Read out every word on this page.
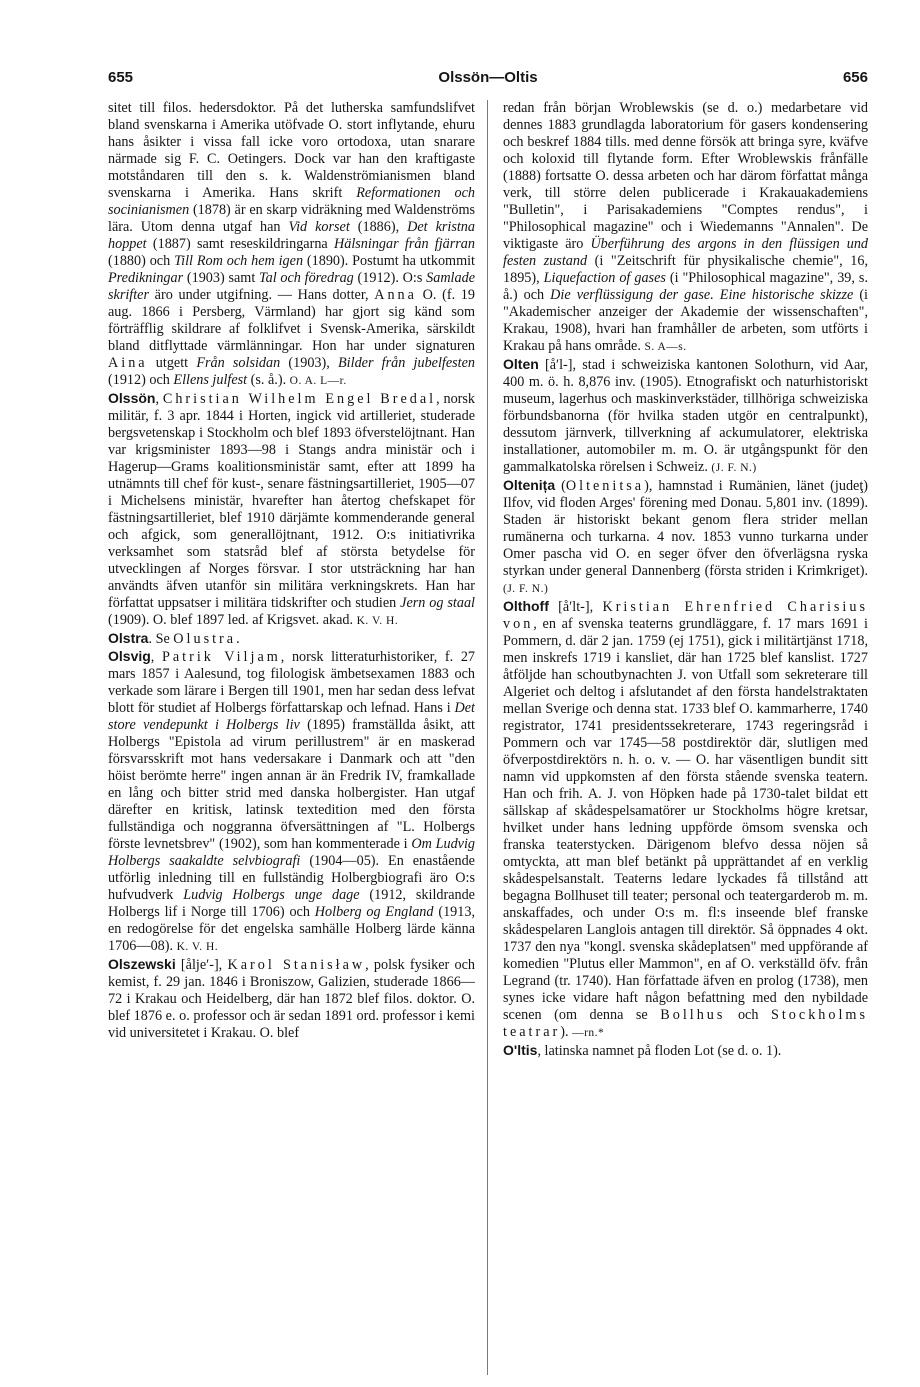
655	Olssön—Oltis	656

sitet till filos. hedersdoktor. På det lutherska samfundslifvet bland svenskarna i Amerika utöfvade O. stort inflytande, ehuru hans åsikter i vissa fall icke voro ortodoxa, utan snarare närmade sig F. C. Oetingers. Dock var han den kraftigaste motståndaren till den s. k. Waldenströmianismen bland svenskarna i Amerika. Hans skrift Reformationen och socinianismen (1878) är en skarp vidräkning med Waldenströms lära. Utom denna utgaf han Vid korset (1886), Det kristna hoppet (1887) samt reseskildringarna Hälsningar från fjärran (1880) och Till Rom och hem igen (1890). Postumt ha utkommit Predikningar (1903) samt Tal och föredrag (1912). O:s Samlade skrifter äro under utgifning. — Hans dotter, Anna O. (f. 19 aug. 1866 i Persberg, Värmland) har gjort sig känd som förträfflig skildrare af folklifvet i Svensk-Amerika, särskildt bland ditflyttade värmlänningar. Hon har under signaturen Aina utgett Från solsidan (1903), Bilder från jubelfesten (1912) och Ellens julfest (s. å.). O. A. L—r.

Olssön, Christian Wilhelm Engel Bredal, norsk militär, f. 3 apr. 1844 i Horten, ingick vid artilleriet, studerade bergsvetenskap i Stockholm och blef 1893 öfverstelöjtnant. Han var krigsminister 1893—98 i Stangs andra ministär och i Hagerup—Grams koalitionsministär samt, efter att 1899 ha utnämnts till chef för kust-, senare fästningsartilleriet, 1905—07 i Michelsens ministär, hvarefter han återtog chefskapet för fästningsartilleriet, blef 1910 därjämte kommenderande general och afgick, som generallöjtnant, 1912. O:s initiativrika verksamhet som statsråd blef af största betydelse för utvecklingen af Norges försvar. I stor utsträckning har han användts äfven utanför sin militära verkningskrets. Han har författat uppsatser i militära tidskrifter och studien Jern og staal (1909). O. blef 1897 led. af Krigsvet. akad. K. V. H.

Olstra. Se Olustra.

Olsvig, Patrik Viljam, norsk litteraturhistoriker, f. 27 mars 1857 i Aalesund, tog filologisk ämbetsexamen 1883 och verkade som lärare i Bergen till 1901, men har sedan dess lefvat blott för studiet af Holbergs författarskap och lefnad. Hans i Det store vendepunkt i Holbergs liv (1895) framställda åsikt, att Holbergs "Epistola ad virum perillustrem" är en maskerad försvarsskrift mot hans vedersakare i Danmark och att "den höist berömte herre" ingen annan är än Fredrik IV, framkallade en lång och bitter strid med danska holbergister. Han utgaf därefter en kritisk, latinsk textedition med den första fullständiga och noggranna öfversättningen af "L. Holbergs förste levnetsbrev" (1902), som han kommenterade i Om Ludvig Holbergs saakaldte selvbiografi (1904—05). En enastående utförlig inledning till en fullständig Holbergbiografi äro O:s hufvudverk Ludvig Holbergs unge dage (1912, skildrande Holbergs lif i Norge till 1706) och Holberg og England (1913, en redogörelse för det engelska samhälle Holberg lärde känna 1706—08). K. V. H.

Olszewski [åljeʹ-], Karol Stanisław, polsk fysiker och kemist, f. 29 jan. 1846 i Broniszow, Galizien, studerade 1866—72 i Krakau och Heidelberg, där han 1872 blef filos. doktor. O. blef 1876 e. o. professor och är sedan 1891 ord. professor i kemi vid universitetet i Krakau. O. blef

redan från början Wroblewskis (se d. o.) medarbetare vid dennes 1883 grundlagda laboratorium för gasers kondensering och beskref 1884 tills. med denne försök att bringa syre, kväfve och koloxid till flytande form. Efter Wroblewskis frånfälle (1888) fortsatte O. dessa arbeten och har därom författat många verk, till större delen publicerade i Krakauakademiens "Bulletin", i Parisakademiens "Comptes rendus", i "Philosophical magazine" och i Wiedemanns "Annalen". De viktigaste äro Überführung des argons in den flüssigen und festen zustand (i "Zeitschrift für physikalische chemie", 16, 1895), Liquefaction of gases (i "Philosophical magazine", 39, s. å.) och Die verflüssigung der gase. Eine historische skizze (i "Akademischer anzeiger der Akademie der wissenschaften", Krakau, 1908), hvari han framhåller de arbeten, som utförts i Krakau på hans område. S. A—s.

Olten [åʹl-], stad i schweiziska kantonen Solothurn, vid Aar, 400 m. ö. h. 8,876 inv. (1905). Etnografiskt och naturhistoriskt museum, lagerhus och maskinverkstäder, tillhöriga schweiziska förbundsbanorna (för hvilka staden utgör en centralpunkt), dessutom järnverk, tillverkning af ackumulatorer, elektriska installationer, automobiler m. m. O. är utgångspunkt för den gammalkatolska rörelsen i Schweiz. (J. F. N.)

Oltenița (Oltenitsa), hamnstad i Rumänien, länet (judeţ) Ilfov, vid floden Arges' förening med Donau. 5,801 inv. (1899). Staden är historiskt bekant genom flera strider mellan rumänerna och turkarna. 4 nov. 1853 vunno turkarna under Omer pascha vid O. en seger öfver den öfverlägsna ryska styrkan under general Dannenberg (första striden i Krimkriget). (J. F. N.)

Olthoff [åʹlt-], Kristian Ehrenfried Charisius von, en af svenska teaterns grundläggare, f. 17 mars 1691 i Pommern, d. där 2 jan. 1759 (ej 1751), gick i militärtjänst 1718, men inskrefs 1719 i kansliet, där han 1725 blef kanslist. 1727 åtföljde han schoutbynachten J. von Utfall som sekreterare till Algeriet och deltog i afslutandet af den första handelstraktaten mellan Sverige och denna stat. 1733 blef O. kammarherre, 1740 registrator, 1741 presidentssekreterare, 1743 regeringsråd i Pommern och var 1745—58 postdirektör där, slutligen med öfverpostdirektörs n. h. o. v. — O. har väsentligen bundit sitt namn vid uppkomsten af den första stående svenska teatern. Han och frih. A. J. von Höpken hade på 1730-talet bildat ett sällskap af skådespelsamatörer ur Stockholms högre kretsar, hvilket under hans ledning uppförde ömsom svenska och franska teaterstycken. Därigenom blefvo dessa nöjen så omtyckta, att man blef betänkt på upprättandet af en verklig skådespelsanstalt. Teaterns ledare lyckades få tillstånd att begagna Bollhuset till teater; personal och teatergarderob m. m. anskaffades, och under O:s m. fl:s inseende blef franske skådespelaren Langlois antagen till direktör. Så öppnades 4 okt. 1737 den nya "kongl. svenska skådeplatsen" med uppförande af komedien "Plutus eller Mammon", en af O. verkställd öfv. från Legrand (tr. 1740). Han författade äfven en prolog (1738), men synes icke vidare haft någon befattning med den nybildade scenen (om denna se Bollhus och Stockholms teatrar). —rn.*

O'ltis, latinska namnet på floden Lot (se d. o. 1).
